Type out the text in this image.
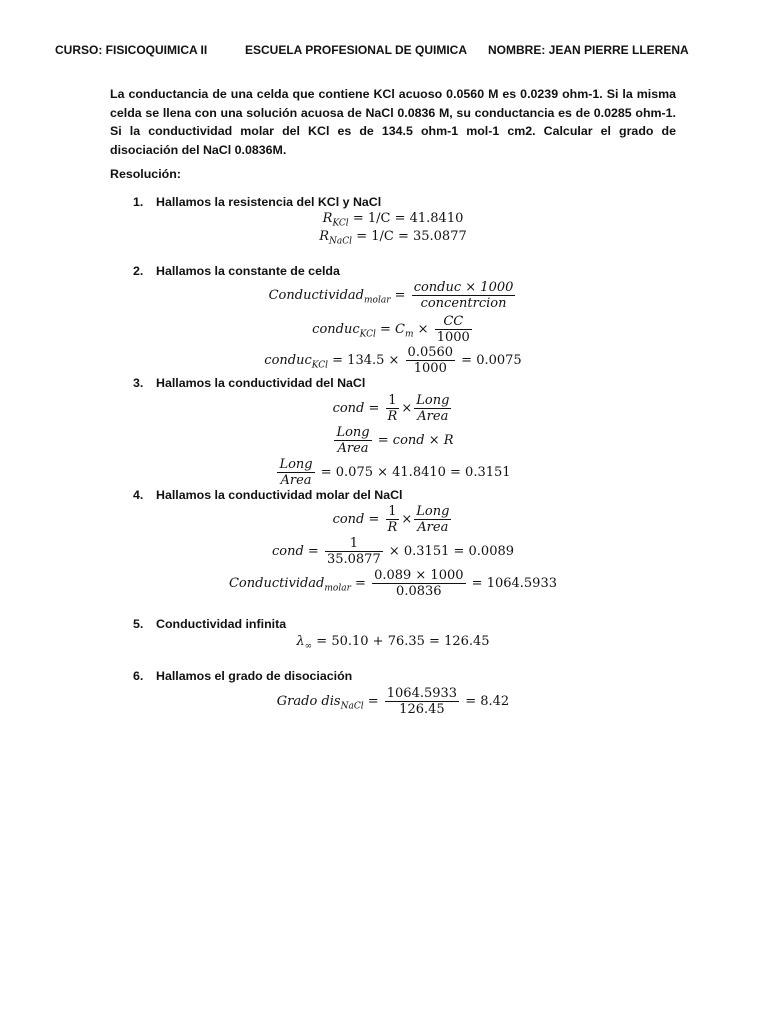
CURSO: FISICOQUIMICA II	ESCUELA PROFESIONAL DE QUIMICA NOMBRE: JEAN PIERRE LLERENA

La conductancia de una celda que contiene KCl acuoso 0.0560 M es 0.0239 ohm-1. Si la misma celda se llena con una solución acuosa de NaCl 0.0836 M, su conductancia es de 0.0285 ohm-1. Si la conductividad molar del KCl es de 134.5 ohm-1 mol-1 cm2. Calcular el grado de disociación del NaCl 0.0836M.

Resolución:
1. Hallamos la resistencia del KCl y NaCl
$R_{KCl} = 1/C = 41.8410$
$R_{NaCl} = 1/C = 35.0877$
2. Hallamos la constante de celda
Conductividad$_{molar}$ = $\frac{\text{conduc × 1000}}{\text{concentrcion}}$
conduc$_{KCl}$ = $C_m \times \frac{CC}{1000}$
conduc$_{KCl}$ = $134.5 \times \frac{0.0560}{1000} = 0.0075$
3. Hallamos la conductividad del NaCl
cond = $\frac{1}{R} \times \frac{\text{Long}}{\text{Area}}$
$\frac{\text{Long}}{\text{Area}}$ = cond × R
$\frac{\text{Long}}{\text{Area}} = 0.075 \times 41.8410 = 0.3151$
4. Hallamos la conductividad molar del NaCl
cond = $\frac{1}{R} \times \frac{\text{Long}}{\text{Area}}$
cond = $\frac{1}{35.0877} \times 0.3151 = 0.0089$
Conductividad$_{molar}$ = $\frac{0.089 \times 1000}{0.0836} = 1064.5933$
5. Conductividad infinita
$\lambda_\infty = 50.10 + 76.35 = 126.45$
6. Hallamos el grado de disociación
Grado $dis_{NaCl} = \frac{1064.5933}{126.45} = 8.42$
